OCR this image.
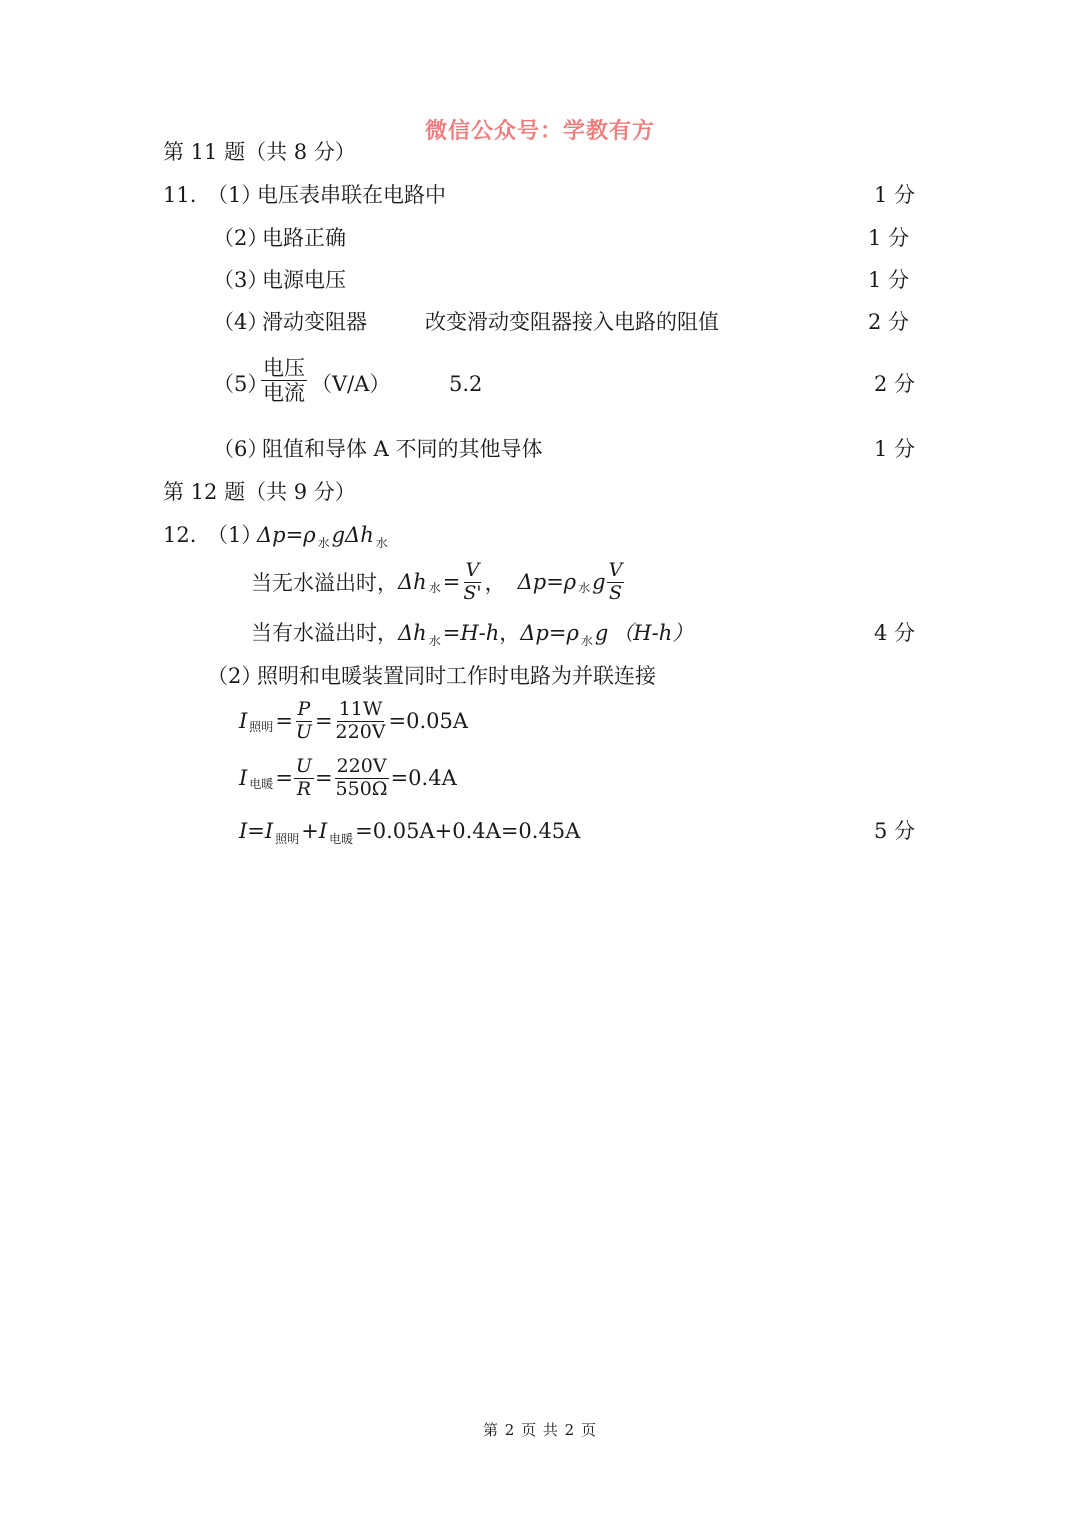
微信公众号：学教有方
第 11 题（共 8 分）
11. （1）
电压表串联在电路中	1 分
（2）
电路正确	1 分
（3）
电源电压	1 分
（4）
滑动变阻器	改变滑动变阻器接入电路的阻值	2 分
（5）
$\frac{\text{电压}}{\text{电流}} (V/A)$	5.2	2 分
（6）
阻值和导体 A 不同的其他导体	1 分
第 12 题（共 9 分）
12. （1）
Δp=ρ $_水$gΔh $_水$
当无水溢出时， Δh 水 = $\frac{V}{S'}$ ， Δp = ρ 水 g $\frac{V}{S}$
当有水溢出时，Δh $_水$=H-h，Δp=ρ $_水$g （H-h）	4 分
（2）
照明和电暖装置同时工作时电路为并联连接
I 照明 = $\frac{P}{U} = \frac{11W}{220V} =0.05A$
I 电暖 = $\frac{U}{R} = \frac{220V}{550\Omega} =0.4A$
I=I $_{照明}$+I $_{电暖}$=0.05A+0.4A=0.45A	5 分
第 2 页 共 2 页
